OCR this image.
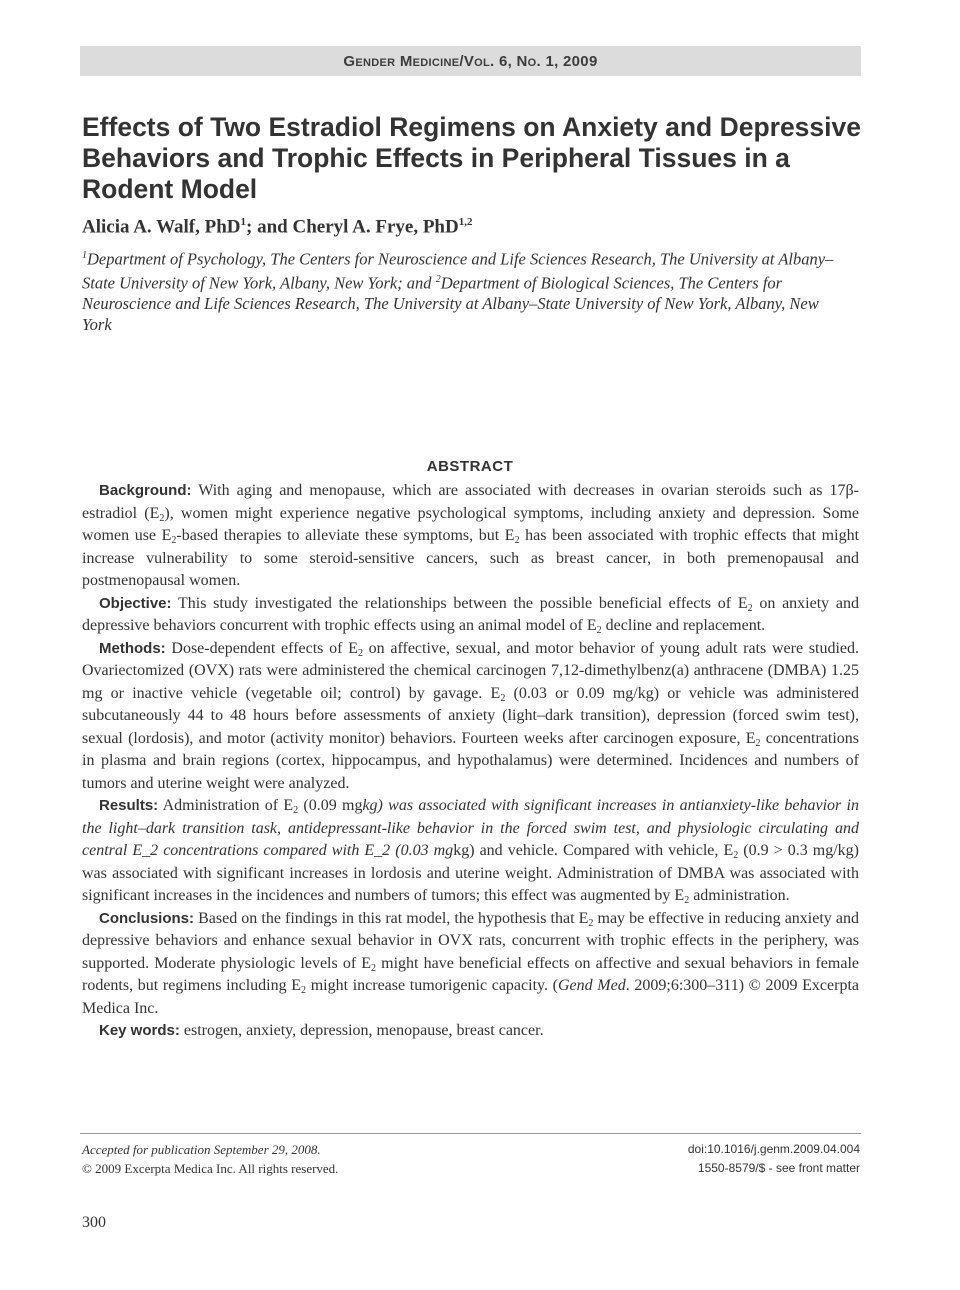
Gender Medicine/Vol. 6, No. 1, 2009
Effects of Two Estradiol Regimens on Anxiety and Depressive Behaviors and Trophic Effects in Peripheral Tissues in a Rodent Model
Alicia A. Walf, PhD$^1$; and Cheryl A. Frye, PhD$^{1,2}$
$^1$Department of Psychology, The Centers for Neuroscience and Life Sciences Research, The University at Albany–State University of New York, Albany, New York; and $^2$Department of Biological Sciences, The Centers for Neuroscience and Life Sciences Research, The University at Albany–State University of New York, Albany, New York
ABSTRACT

Background: With aging and menopause, which are associated with decreases in ovarian steroids such as 17β-estradiol $(E_2)$, women might experience negative psychological symptoms, including anxiety and depression. Some women use $E_2$-based therapies to alleviate these symptoms, but $E_2$ has been associated with trophic effects that might increase vulnerability to some steroid-sensitive cancers, such as breast cancer, in both premenopausal and postmenopausal women.

Objective: This study investigated the relationships between the possible beneficial effects of $E_2$ on anxiety and depressive behaviors concurrent with trophic effects using an animal model of $E_2$ decline and replacement.

Methods: Dose-dependent effects of $E_2$ on affective, sexual, and motor behavior of young adult rats were studied. Ovariectomized (OVX) rats were administered the chemical carcinogen 7,12-dimethylbenz(a) anthracene (DMBA) 1.25 mg or inactive vehicle (vegetable oil; control) by gavage. $E_2$ (0.03 or 0.09 mg/kg) or vehicle was administered subcutaneously 44 to 48 hours before assessments of anxiety (light–dark transition), depression (forced swim test), sexual (lordosis), and motor (activity monitor) behaviors. Fourteen weeks after carcinogen exposure, $E_2$ concentrations in plasma and brain regions (cortex, hippocampus, and hypothalamus) were determined. Incidences and numbers of tumors and uterine weight were analyzed.

Results: Administration of $E_2$ (0.09 mgkg) was associated with significant increases in antianxiety-like behavior in the light–dark transition task, antidepressant-like behavior in the forced swim test, and physiologic circulating and central E_2 concentrations compared with E_2 (0.03 mgkg) and vehicle. Compared with vehicle, $E_2$ (0.9 > 0.3 mg/kg) was associated with significant increases in lordosis and uterine weight. Administration of DMBA was associated with significant increases in the incidences and numbers of tumors; this effect was augmented by $E_2$ administration.

Conclusions: Based on the findings in this rat model, the hypothesis that $E_2$ may be effective in reducing anxiety and depressive behaviors and enhance sexual behavior in OVX rats, concurrent with trophic effects in the periphery, was supported. Moderate physiologic levels of $E_2$ might have beneficial effects on affective and sexual behaviors in female rodents, but regimens including $E_2$ might increase tumorigenic capacity. (Gend Med. 2009;6:300–311) © 2009 Excerpta Medica Inc.

Key words: estrogen, anxiety, depression, menopause, breast cancer.

Accepted for publication September 29, 2008.
© 2009 Excerpta Medica Inc. All rights reserved.
doi:10.1016/j.genm.2009.04.004
1550-8579/$ - see front matter
300
